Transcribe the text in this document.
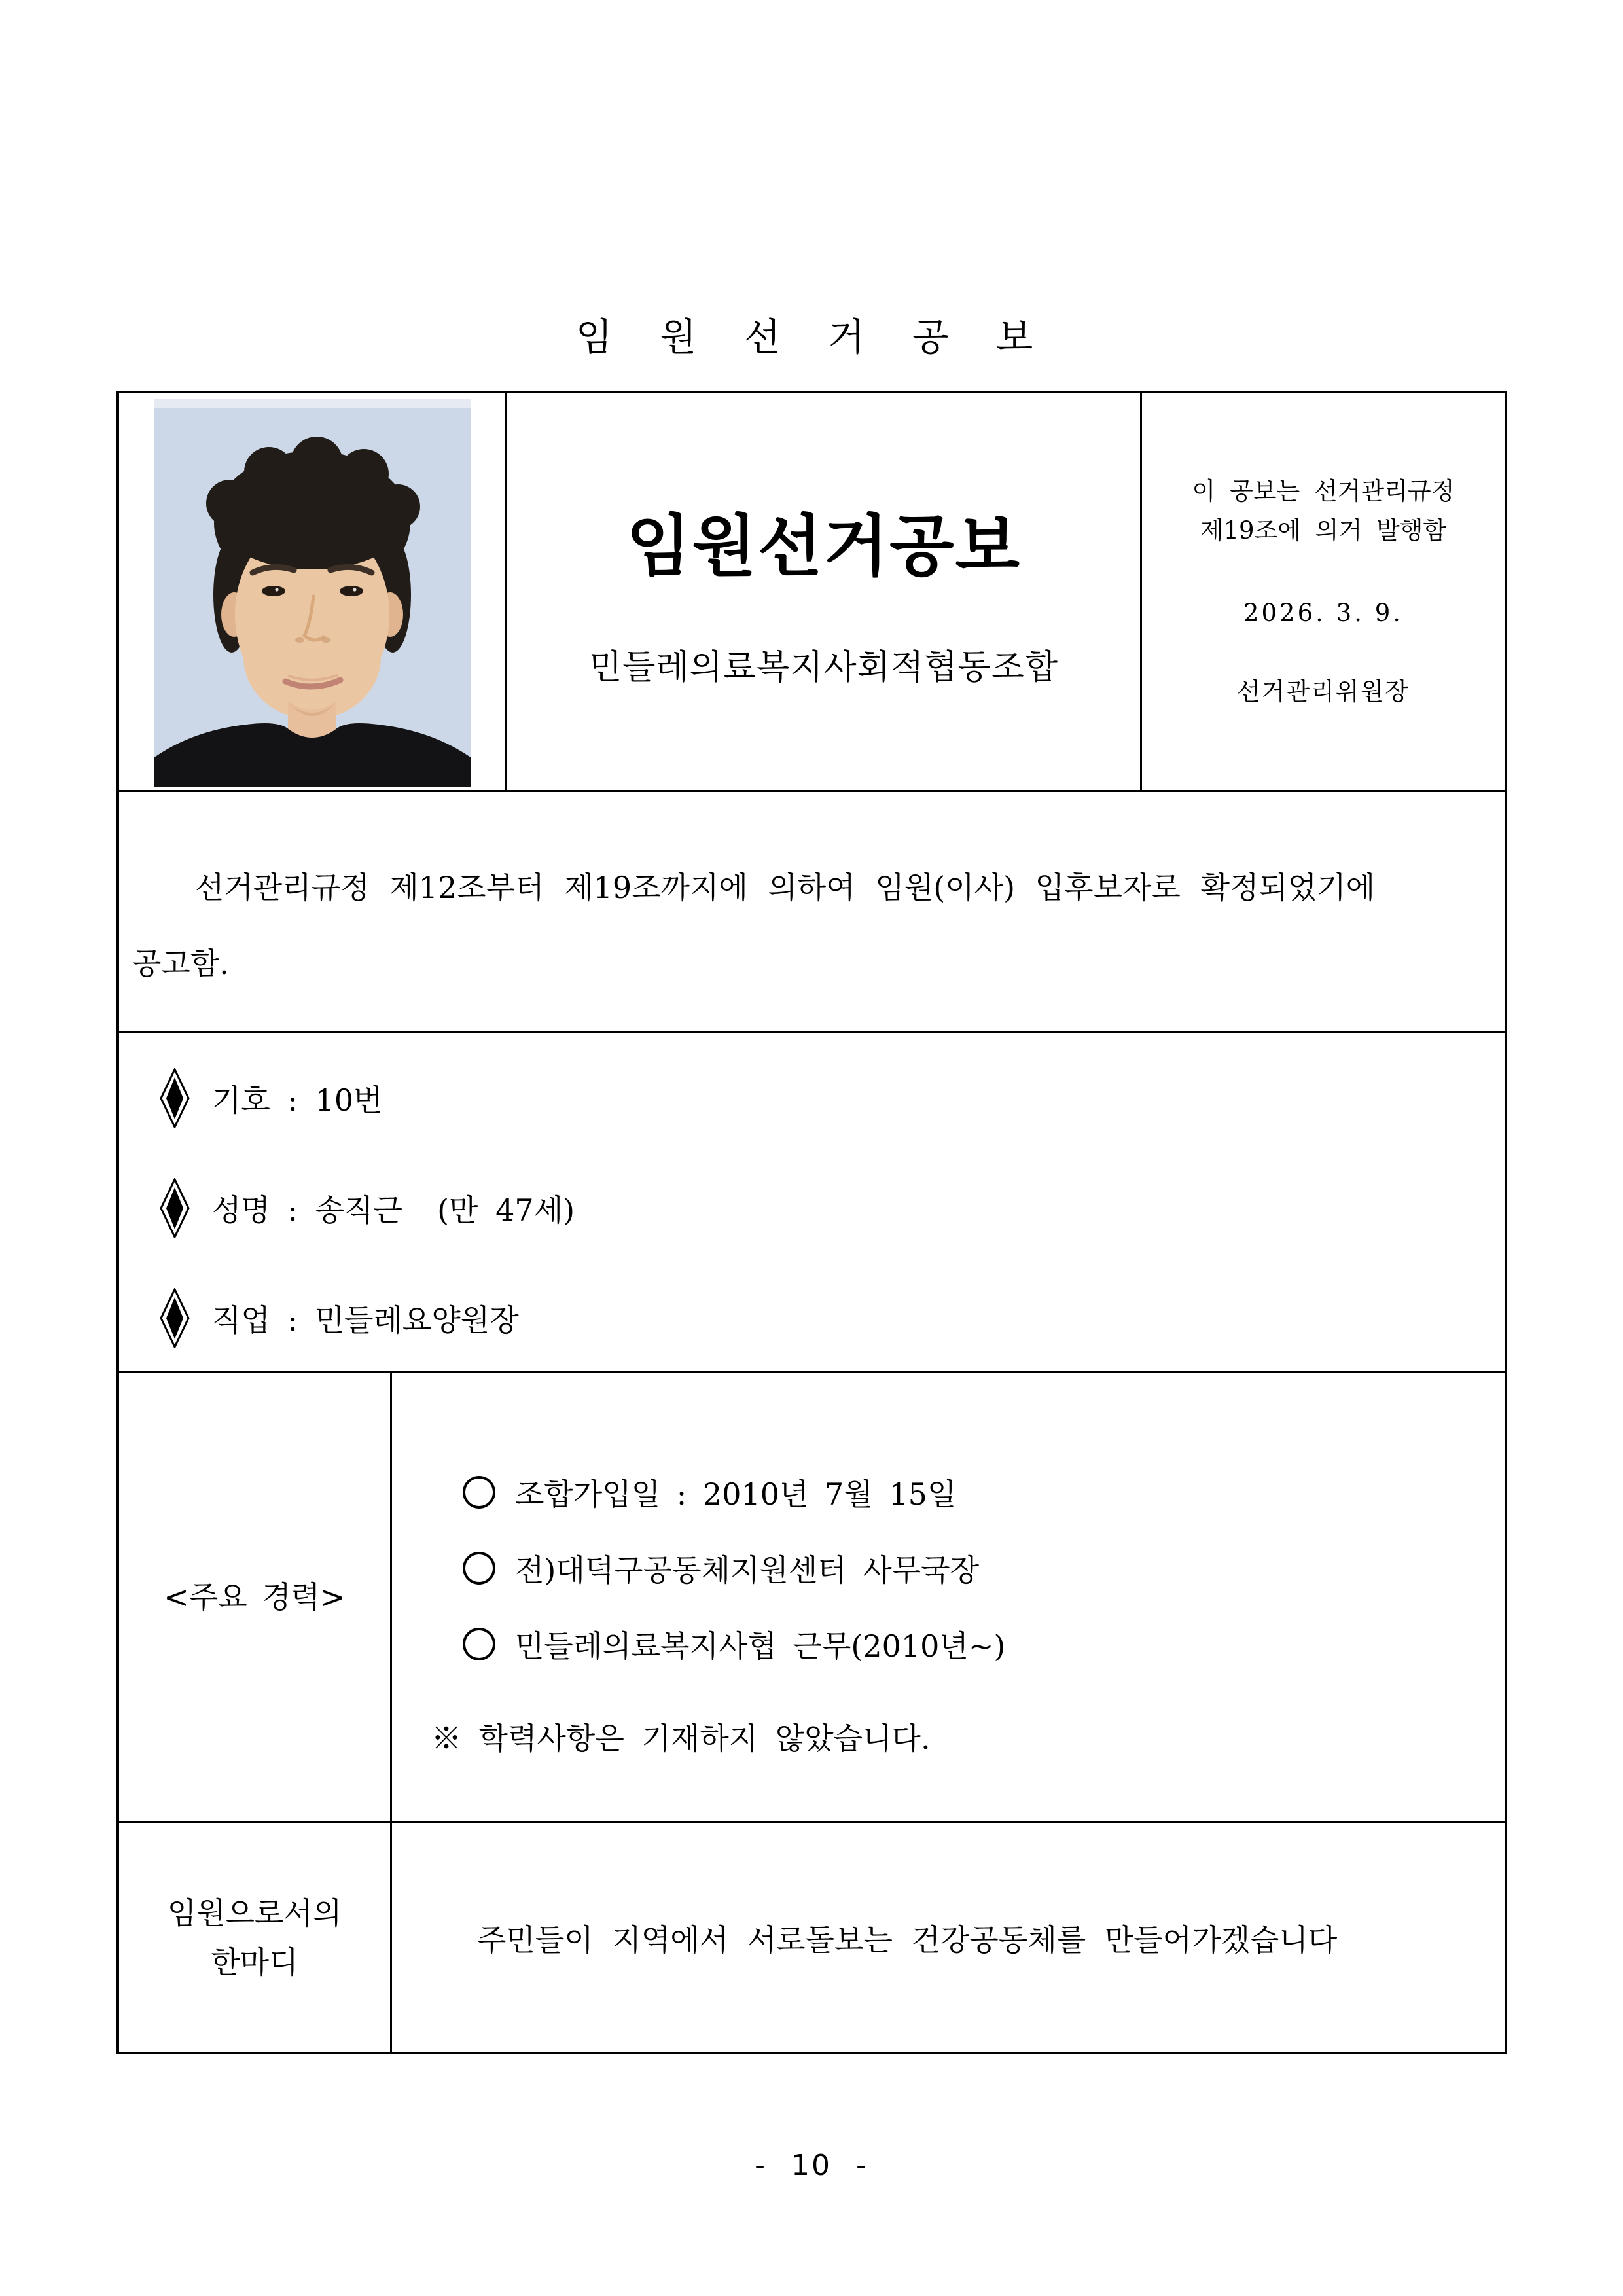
임 원 선 거 공 보
임원선거공보
민들레의료복지사회적협동조합
이 공보는 선거관리규정
제19조에 의거 발행함
2026. 3. 9.
선거관리위원장
선거관리규정 제12조부터 제19조까지에 의하여 임원(이사) 입후보자로 확정되었기에
공고함.
기호 : 10번
성명 : 송직근  (만 47세)
직업 : 민들레요양원장
<주요 경력>
조합가입일 : 2010년 7월 15일
전)대덕구공동체지원센터 사무국장
민들레의료복지사협 근무(2010년~)
※ 학력사항은 기재하지 않았습니다.
임원으로서의
한마디
주민들이 지역에서 서로돌보는 건강공동체를 만들어가겠습니다
- 10 -
